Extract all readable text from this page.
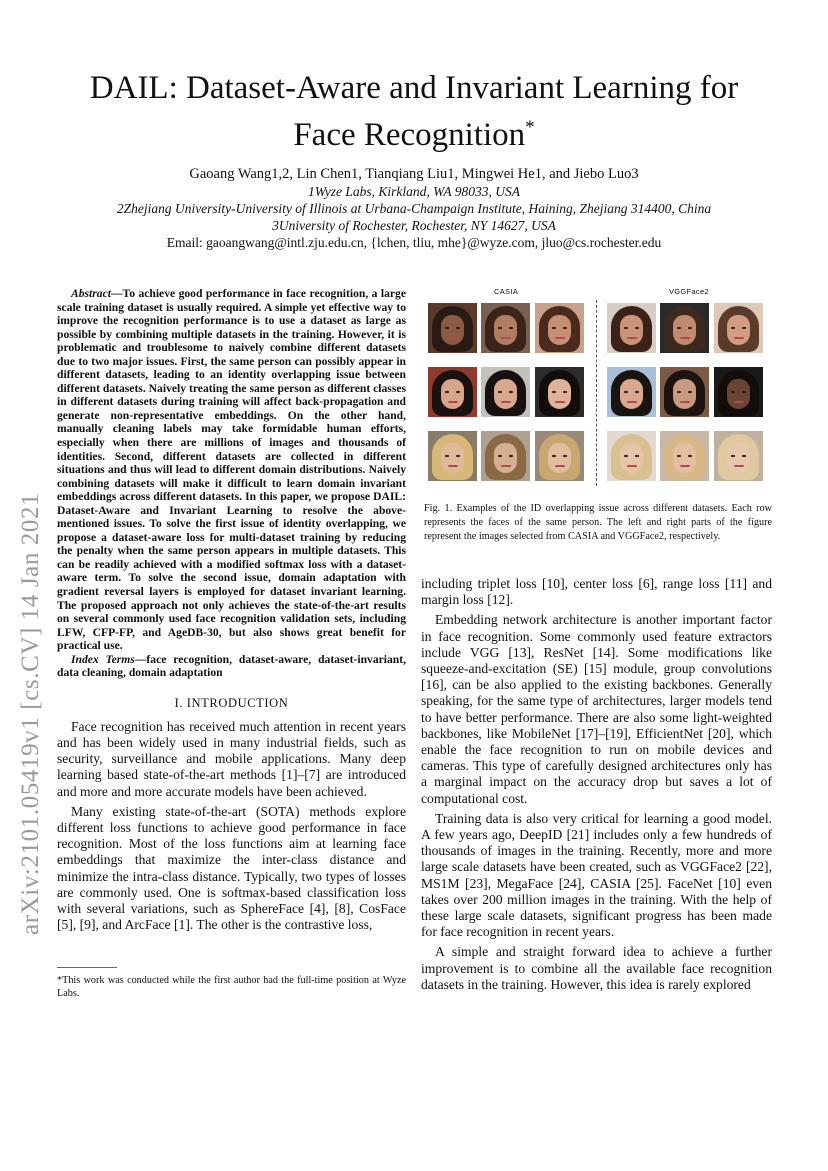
arXiv:2101.05419v1 [cs.CV] 14 Jan 2021
DAIL: Dataset-Aware and Invariant Learning for Face Recognition*
Gaoang Wang1,2, Lin Chen1, Tianqiang Liu1, Mingwei He1, and Jiebo Luo3
1Wyze Labs, Kirkland, WA 98033, USA
2Zhejiang University-University of Illinois at Urbana-Champaign Institute, Haining, Zhejiang 314400, China
3University of Rochester, Rochester, NY 14627, USA
Email: gaoangwang@intl.zju.edu.cn, {lchen, tliu, mhe}@wyze.com, jluo@cs.rochester.edu

Abstract—To achieve good performance in face recognition, a large scale training dataset is usually required. A simple yet effective way to improve the recognition performance is to use a dataset as large as possible by combining multiple datasets in the training. However, it is problematic and troublesome to naively combine different datasets due to two major issues. First, the same person can possibly appear in different datasets, leading to an identity overlapping issue between different datasets. Naively treating the same person as different classes in different datasets during training will affect back-propagation and generate non-representative embeddings. On the other hand, manually cleaning labels may take formidable human efforts, especially when there are millions of images and thousands of identities. Second, different datasets are collected in different situations and thus will lead to different domain distributions. Naively combining datasets will make it difficult to learn domain invariant embeddings across different datasets. In this paper, we propose DAIL: Dataset-Aware and Invariant Learning to resolve the above-mentioned issues. To solve the first issue of identity overlapping, we propose a dataset-aware loss for multi-dataset training by reducing the penalty when the same person appears in multiple datasets. This can be readily achieved with a modified softmax loss with a dataset-aware term. To solve the second issue, domain adaptation with gradient reversal layers is employed for dataset invariant learning. The proposed approach not only achieves the state-of-the-art results on several commonly used face recognition validation sets, including LFW, CFP-FP, and AgeDB-30, but also shows great benefit for practical use.

Index Terms—face recognition, dataset-aware, dataset-invariant, data cleaning, domain adaptation

I. INTRODUCTION

Face recognition has received much attention in recent years and has been widely used in many industrial fields, such as security, surveillance and mobile applications. Many deep learning based state-of-the-art methods [1]–[7] are introduced and more and more accurate models have been achieved.

Many existing state-of-the-art (SOTA) methods explore different loss functions to achieve good performance in face recognition. Most of the loss functions aim at learning face embeddings that maximize the inter-class distance and minimize the intra-class distance. Typically, two types of losses are commonly used. One is softmax-based classification loss with several variations, such as SphereFace [4], [8], CosFace [5], [9], and ArcFace [1]. The other is the contrastive loss,

*This work was conducted while the first author had the full-time position at Wyze Labs.
CASIA	VGGFace2
Fig. 1. Examples of the ID overlapping issue across different datasets. Each row represents the faces of the same person. The left and right parts of the figure represent the images selected from CASIA and VGGFace2, respectively.

including triplet loss [10], center loss [6], range loss [11] and margin loss [12].

Embedding network architecture is another important factor in face recognition. Some commonly used feature extractors include VGG [13], ResNet [14]. Some modifications like squeeze-and-excitation (SE) [15] module, group convolutions [16], can be also applied to the existing backbones. Generally speaking, for the same type of architectures, larger models tend to have better performance. There are also some light-weighted backbones, like MobileNet [17]–[19], EfficientNet [20], which enable the face recognition to run on mobile devices and cameras. This type of carefully designed architectures only has a marginal impact on the accuracy drop but saves a lot of computational cost.

Training data is also very critical for learning a good model. A few years ago, DeepID [21] includes only a few hundreds of thousands of images in the training. Recently, more and more large scale datasets have been created, such as VGGFace2 [22], MS1M [23], MegaFace [24], CASIA [25]. FaceNet [10] even takes over 200 million images in the training. With the help of these large scale datasets, significant progress has been made for face recognition in recent years.

A simple and straight forward idea to achieve a further improvement is to combine all the available face recognition datasets in the training. However, this idea is rarely explored
